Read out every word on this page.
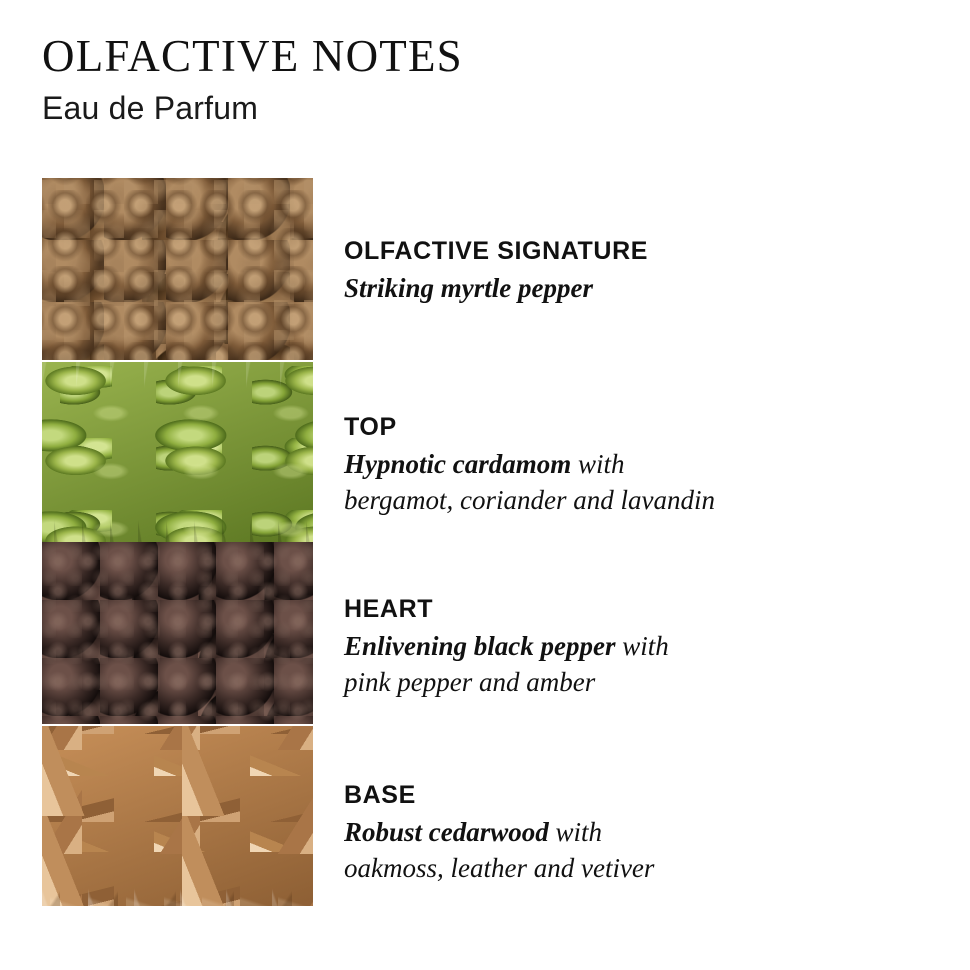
OLFACTIVE NOTES
Eau de Parfum
OLFACTIVE SIGNATURE
Striking myrtle pepper
TOP
Hypnotic cardamom with
bergamot, coriander and lavandin
HEART
Enlivening black pepper with
pink pepper and amber
BASE
Robust cedarwood with
oakmoss, leather and vetiver
